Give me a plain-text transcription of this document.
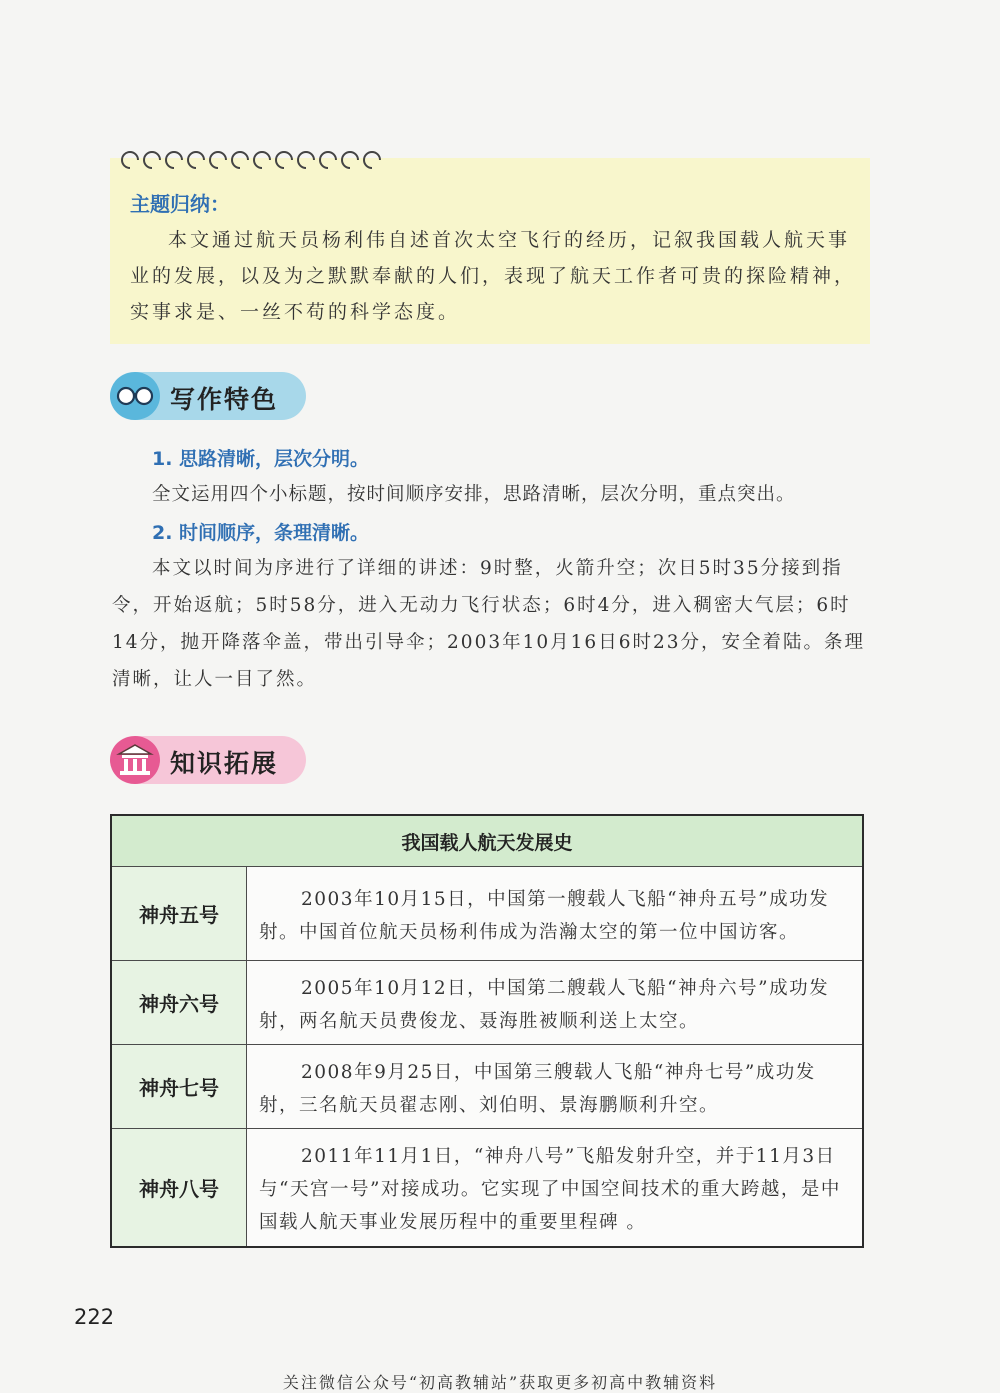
主题归纳：
本文通过航天员杨利伟自述首次太空飞行的经历，记叙我国载人航天事业的发展，以及为之默默奉献的人们，表现了航天工作者可贵的探险精神，实事求是、一丝不苟的科学态度。
写作特色
1. 思路清晰，层次分明。
全文运用四个小标题，按时间顺序安排，思路清晰，层次分明，重点突出。
2. 时间顺序，条理清晰。
本文以时间为序进行了详细的讲述：9时整，火箭升空；次日5时35分接到指令，开始返航；5时58分，进入无动力飞行状态；6时4分，进入稠密大气层；6时14分，抛开降落伞盖，带出引导伞；2003年10月16日6时23分，安全着陆。条理清晰，让人一目了然。
知识拓展
我国载人航天发展史	
神舟五号	2003年10月15日，中国第一艘载人飞船“神舟五号”成功发射。中国首位航天员杨利伟成为浩瀚太空的第一位中国访客。
神舟六号	2005年10月12日，中国第二艘载人飞船“神舟六号”成功发射，两名航天员费俊龙、聂海胜被顺利送上太空。
神舟七号	2008年9月25日，中国第三艘载人飞船“神舟七号”成功发射，三名航天员翟志刚、刘伯明、景海鹏顺利升空。
神舟八号	2011年11月1日，“神舟八号”飞船发射升空，并于11月3日与“天宫一号”对接成功。它实现了中国空间技术的重大跨越，是中国载人航天事业发展历程中的重要里程碑 。
222
关注微信公众号“初高教辅站”获取更多初高中教辅资料
